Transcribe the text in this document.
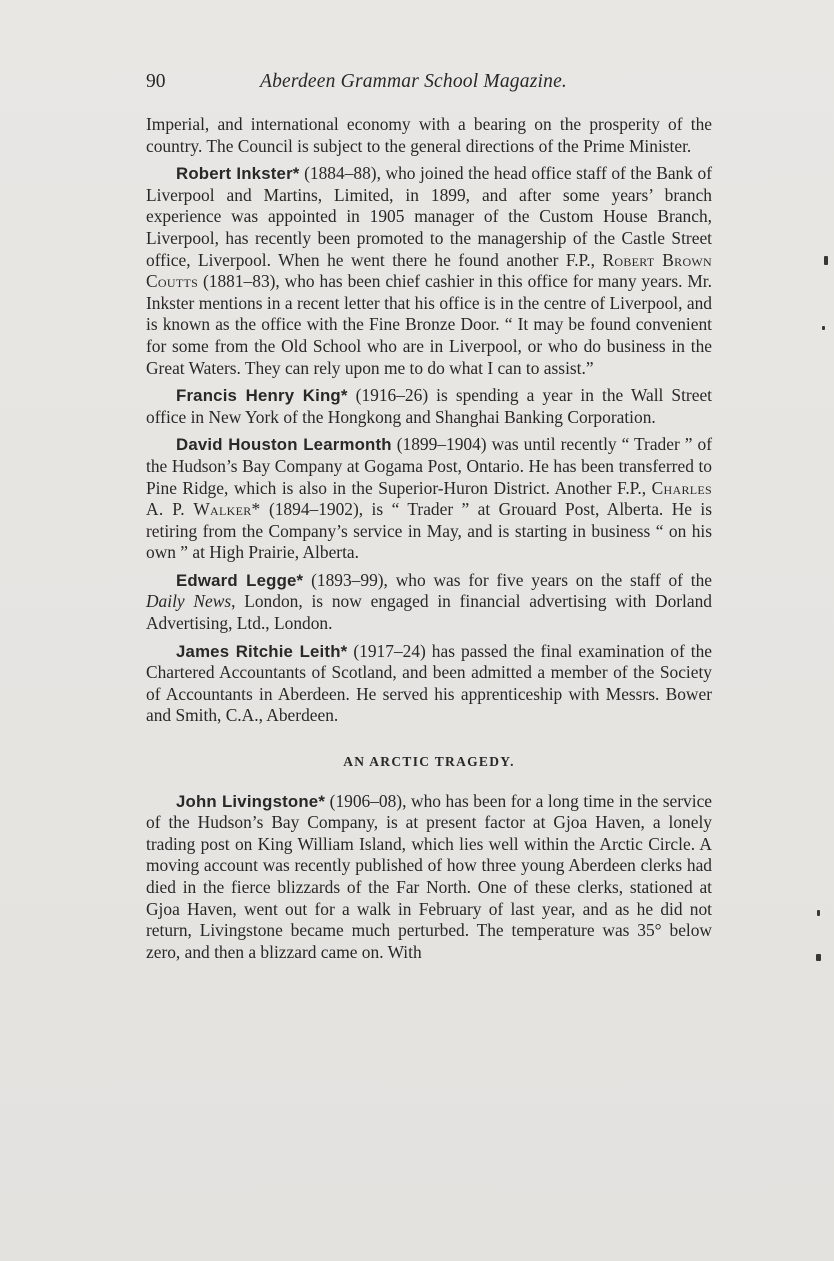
90	Aberdeen Grammar School Magazine.

Imperial, and international economy with a bearing on the prosperity of the country. The Council is subject to the general directions of the Prime Minister.

Robert Inkster* (1884–88), who joined the head office staff of the Bank of Liverpool and Martins, Limited, in 1899, and after some years’ branch experience was appointed in 1905 manager of the Custom House Branch, Liverpool, has recently been promoted to the managership of the Castle Street office, Liverpool. When he went there he found another F.P., Robert Brown Coutts (1881–83), who has been chief cashier in this office for many years. Mr. Inkster mentions in a recent letter that his office is in the centre of Liverpool, and is known as the office with the Fine Bronze Door. “ It may be found convenient for some from the Old School who are in Liverpool, or who do business in the Great Waters. They can rely upon me to do what I can to assist.”

Francis Henry King* (1916–26) is spending a year in the Wall Street office in New York of the Hongkong and Shanghai Banking Corporation.

David Houston Learmonth (1899–1904) was until recently “ Trader ” of the Hudson’s Bay Company at Gogama Post, Ontario. He has been transferred to Pine Ridge, which is also in the Superior-Huron District. Another F.P., Charles A. P. Walker* (1894–1902), is “ Trader ” at Grouard Post, Alberta. He is retiring from the Company’s service in May, and is starting in business “ on his own ” at High Prairie, Alberta.

Edward Legge* (1893–99), who was for five years on the staff of the Daily News, London, is now engaged in financial advertising with Dorland Advertising, Ltd., London.

James Ritchie Leith* (1917–24) has passed the final examination of the Chartered Accountants of Scotland, and been admitted a member of the Society of Accountants in Aberdeen. He served his apprenticeship with Messrs. Bower and Smith, C.A., Aberdeen.

AN ARCTIC TRAGEDY.

John Livingstone* (1906–08), who has been for a long time in the service of the Hudson’s Bay Company, is at present factor at Gjoa Haven, a lonely trading post on King William Island, which lies well within the Arctic Circle. A moving account was recently published of how three young Aberdeen clerks had died in the fierce blizzards of the Far North. One of these clerks, stationed at Gjoa Haven, went out for a walk in February of last year, and as he did not return, Livingstone became much perturbed. The temperature was 35° below zero, and then a blizzard came on. With
